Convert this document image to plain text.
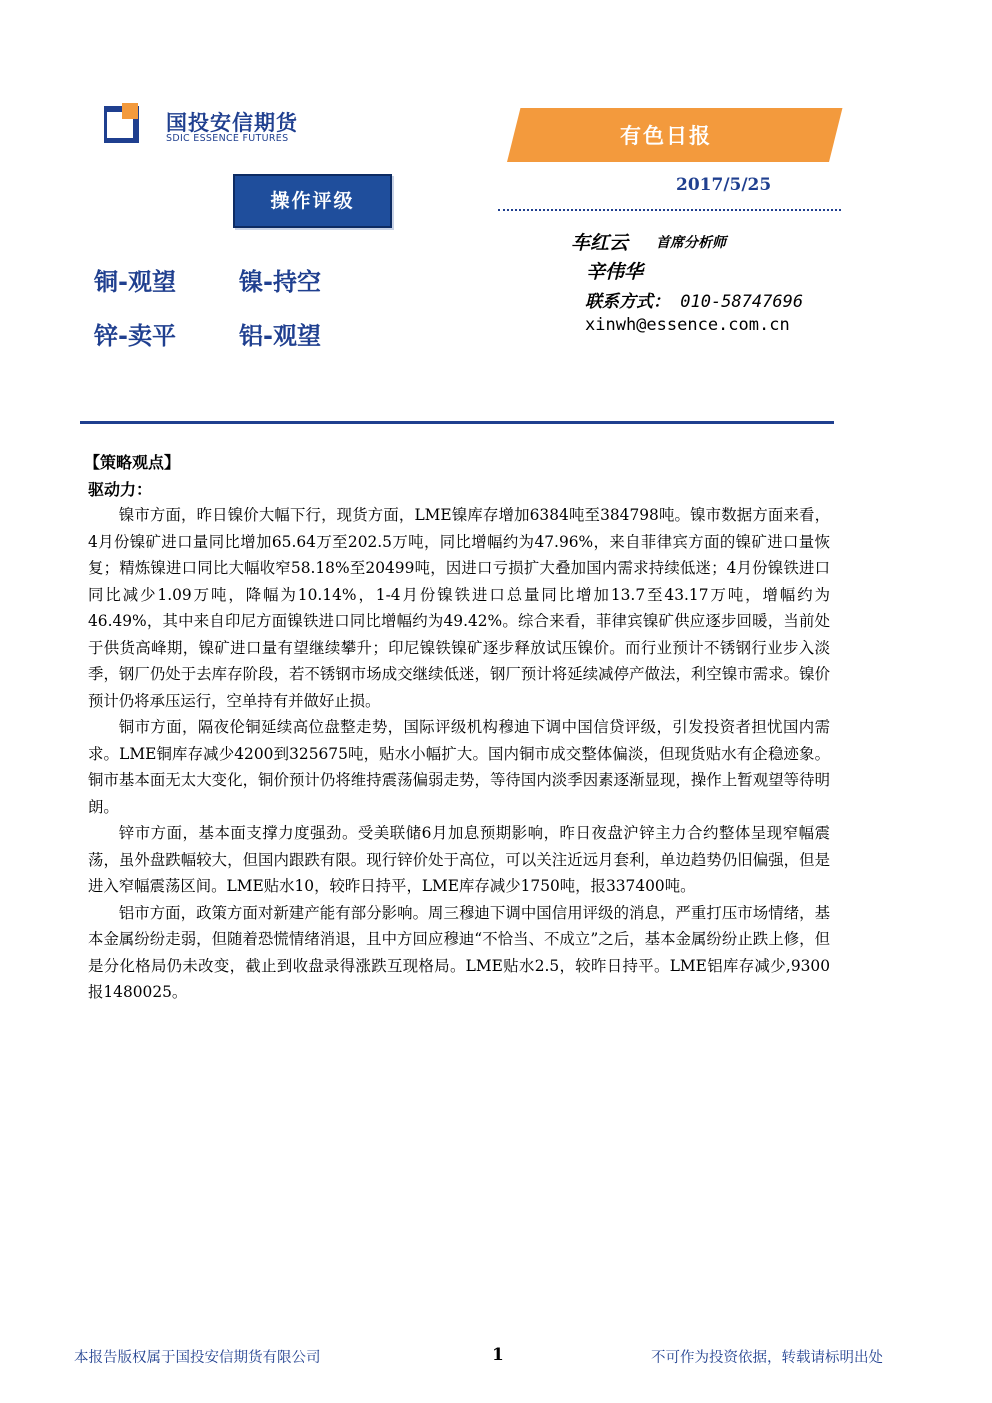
国投安信期货
SDIC ESSENCE FUTURES	有色日报
2017/5/25
操作评级
铜-观望	镍-持空
锌-卖平	铝-观望
车红云 首席分析师
辛伟华
联系方式： 010-58747696
xinwh@essence.com.cn
【策略观点】
驱动力：

镍市方面，昨日镍价大幅下行，现货方面，LME镍库存增加6384吨至384798吨。镍市数据方面来看，4月份镍矿进口量同比增加65.64万至202.5万吨，同比增幅约为47.96%，来自菲律宾方面的镍矿进口量恢复；精炼镍进口同比大幅收窄58.18%至20499吨，因进口亏损扩大叠加国内需求持续低迷；4月份镍铁进口同比减少1.09万吨，降幅为10.14%，1-4月份镍铁进口总量同比增加13.7至43.17万吨，增幅约为46.49%，其中来自印尼方面镍铁进口同比增幅约为49.42%。综合来看，菲律宾镍矿供应逐步回暖，当前处于供货高峰期，镍矿进口量有望继续攀升；印尼镍铁镍矿逐步释放试压镍价。而行业预计不锈钢行业步入淡季，钢厂仍处于去库存阶段，若不锈钢市场成交继续低迷，钢厂预计将延续减停产做法，利空镍市需求。镍价预计仍将承压运行，空单持有并做好止损。

铜市方面，隔夜伦铜延续高位盘整走势，国际评级机构穆迪下调中国信贷评级，引发投资者担忧国内需求。LME铜库存减少4200到325675吨，贴水小幅扩大。国内铜市成交整体偏淡，但现货贴水有企稳迹象。铜市基本面无太大变化，铜价预计仍将维持震荡偏弱走势，等待国内淡季因素逐渐显现，操作上暂观望等待明朗。

锌市方面，基本面支撑力度强劲。受美联储6月加息预期影响，昨日夜盘沪锌主力合约整体呈现窄幅震荡，虽外盘跌幅较大，但国内跟跌有限。现行锌价处于高位，可以关注近远月套利，单边趋势仍旧偏强，但是进入窄幅震荡区间。LME贴水10，较昨日持平，LME库存减少1750吨，报337400吨。

铝市方面，政策方面对新建产能有部分影响。周三穆迪下调中国信用评级的消息，严重打压市场情绪，基本金属纷纷走弱，但随着恐慌情绪消退，且中方回应穆迪“不恰当、不成立”之后，基本金属纷纷止跌上修，但是分化格局仍未改变，截止到收盘录得涨跌互现格局。LME贴水2.5，较昨日持平。LME铝库存减少,9300报1480025。

本报告版权属于国投安信期货有限公司	1	不可作为投资依据，转载请标明出处
